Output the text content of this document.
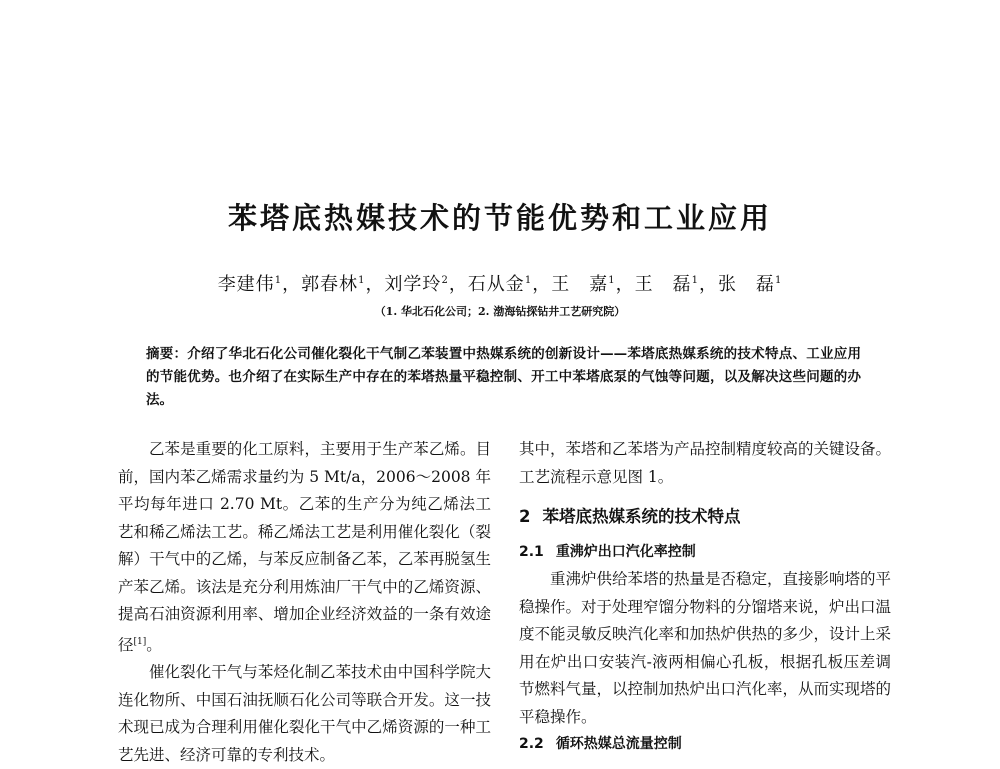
苯塔底热媒技术的节能优势和工业应用
李建伟$^1$，郭春林$^1$，刘学玲$^2$，石从金$^1$，王　嘉$^1$，王　磊$^1$，张　磊$^1$
（1. 华北石化公司；2. 渤海钻探钻井工艺研究院）
摘要：介绍了华北石化公司催化裂化干气制乙苯装置中热媒系统的创新设计——苯塔底热媒系统的技术特点、工业应用的节能优势。也介绍了在实际生产中存在的苯塔热量平稳控制、开工中苯塔底泵的气蚀等问题，以及解决这些问题的办法。

乙苯是重要的化工原料，主要用于生产苯乙烯。目前，国内苯乙烯需求量约为 5 Mt/a，2006～2008 年平均每年进口 2.70 Mt。乙苯的生产分为纯乙烯法工艺和稀乙烯法工艺。稀乙烯法工艺是利用催化裂化（裂解）干气中的乙烯，与苯反应制备乙苯，乙苯再脱氢生产苯乙烯。该法是充分利用炼油厂干气中的乙烯资源、提高石油资源利用率、增加企业经济效益的一条有效途径[1]。

催化裂化干气与苯烃化制乙苯技术由中国科学院大连化物所、中国石油抚顺石化公司等联合开发。这一技术现已成为合理利用催化裂化干气中乙烯资源的一种工艺先进、经济可靠的专利技术。

其中，苯塔和乙苯塔为产品控制精度较高的关键设备。工艺流程示意见图 1。

2 苯塔底热媒系统的技术特点

2.1 重沸炉出口汽化率控制

重沸炉供给苯塔的热量是否稳定，直接影响塔的平稳操作。对于处理窄馏分物料的分馏塔来说，炉出口温度不能灵敏反映汽化率和加热炉供热的多少，设计上采用在炉出口安装汽-液两相偏心孔板，根据孔板压差调节燃料气量，以控制加热炉出口汽化率，从而实现塔的平稳操作。

2.2 循环热媒总流量控制
